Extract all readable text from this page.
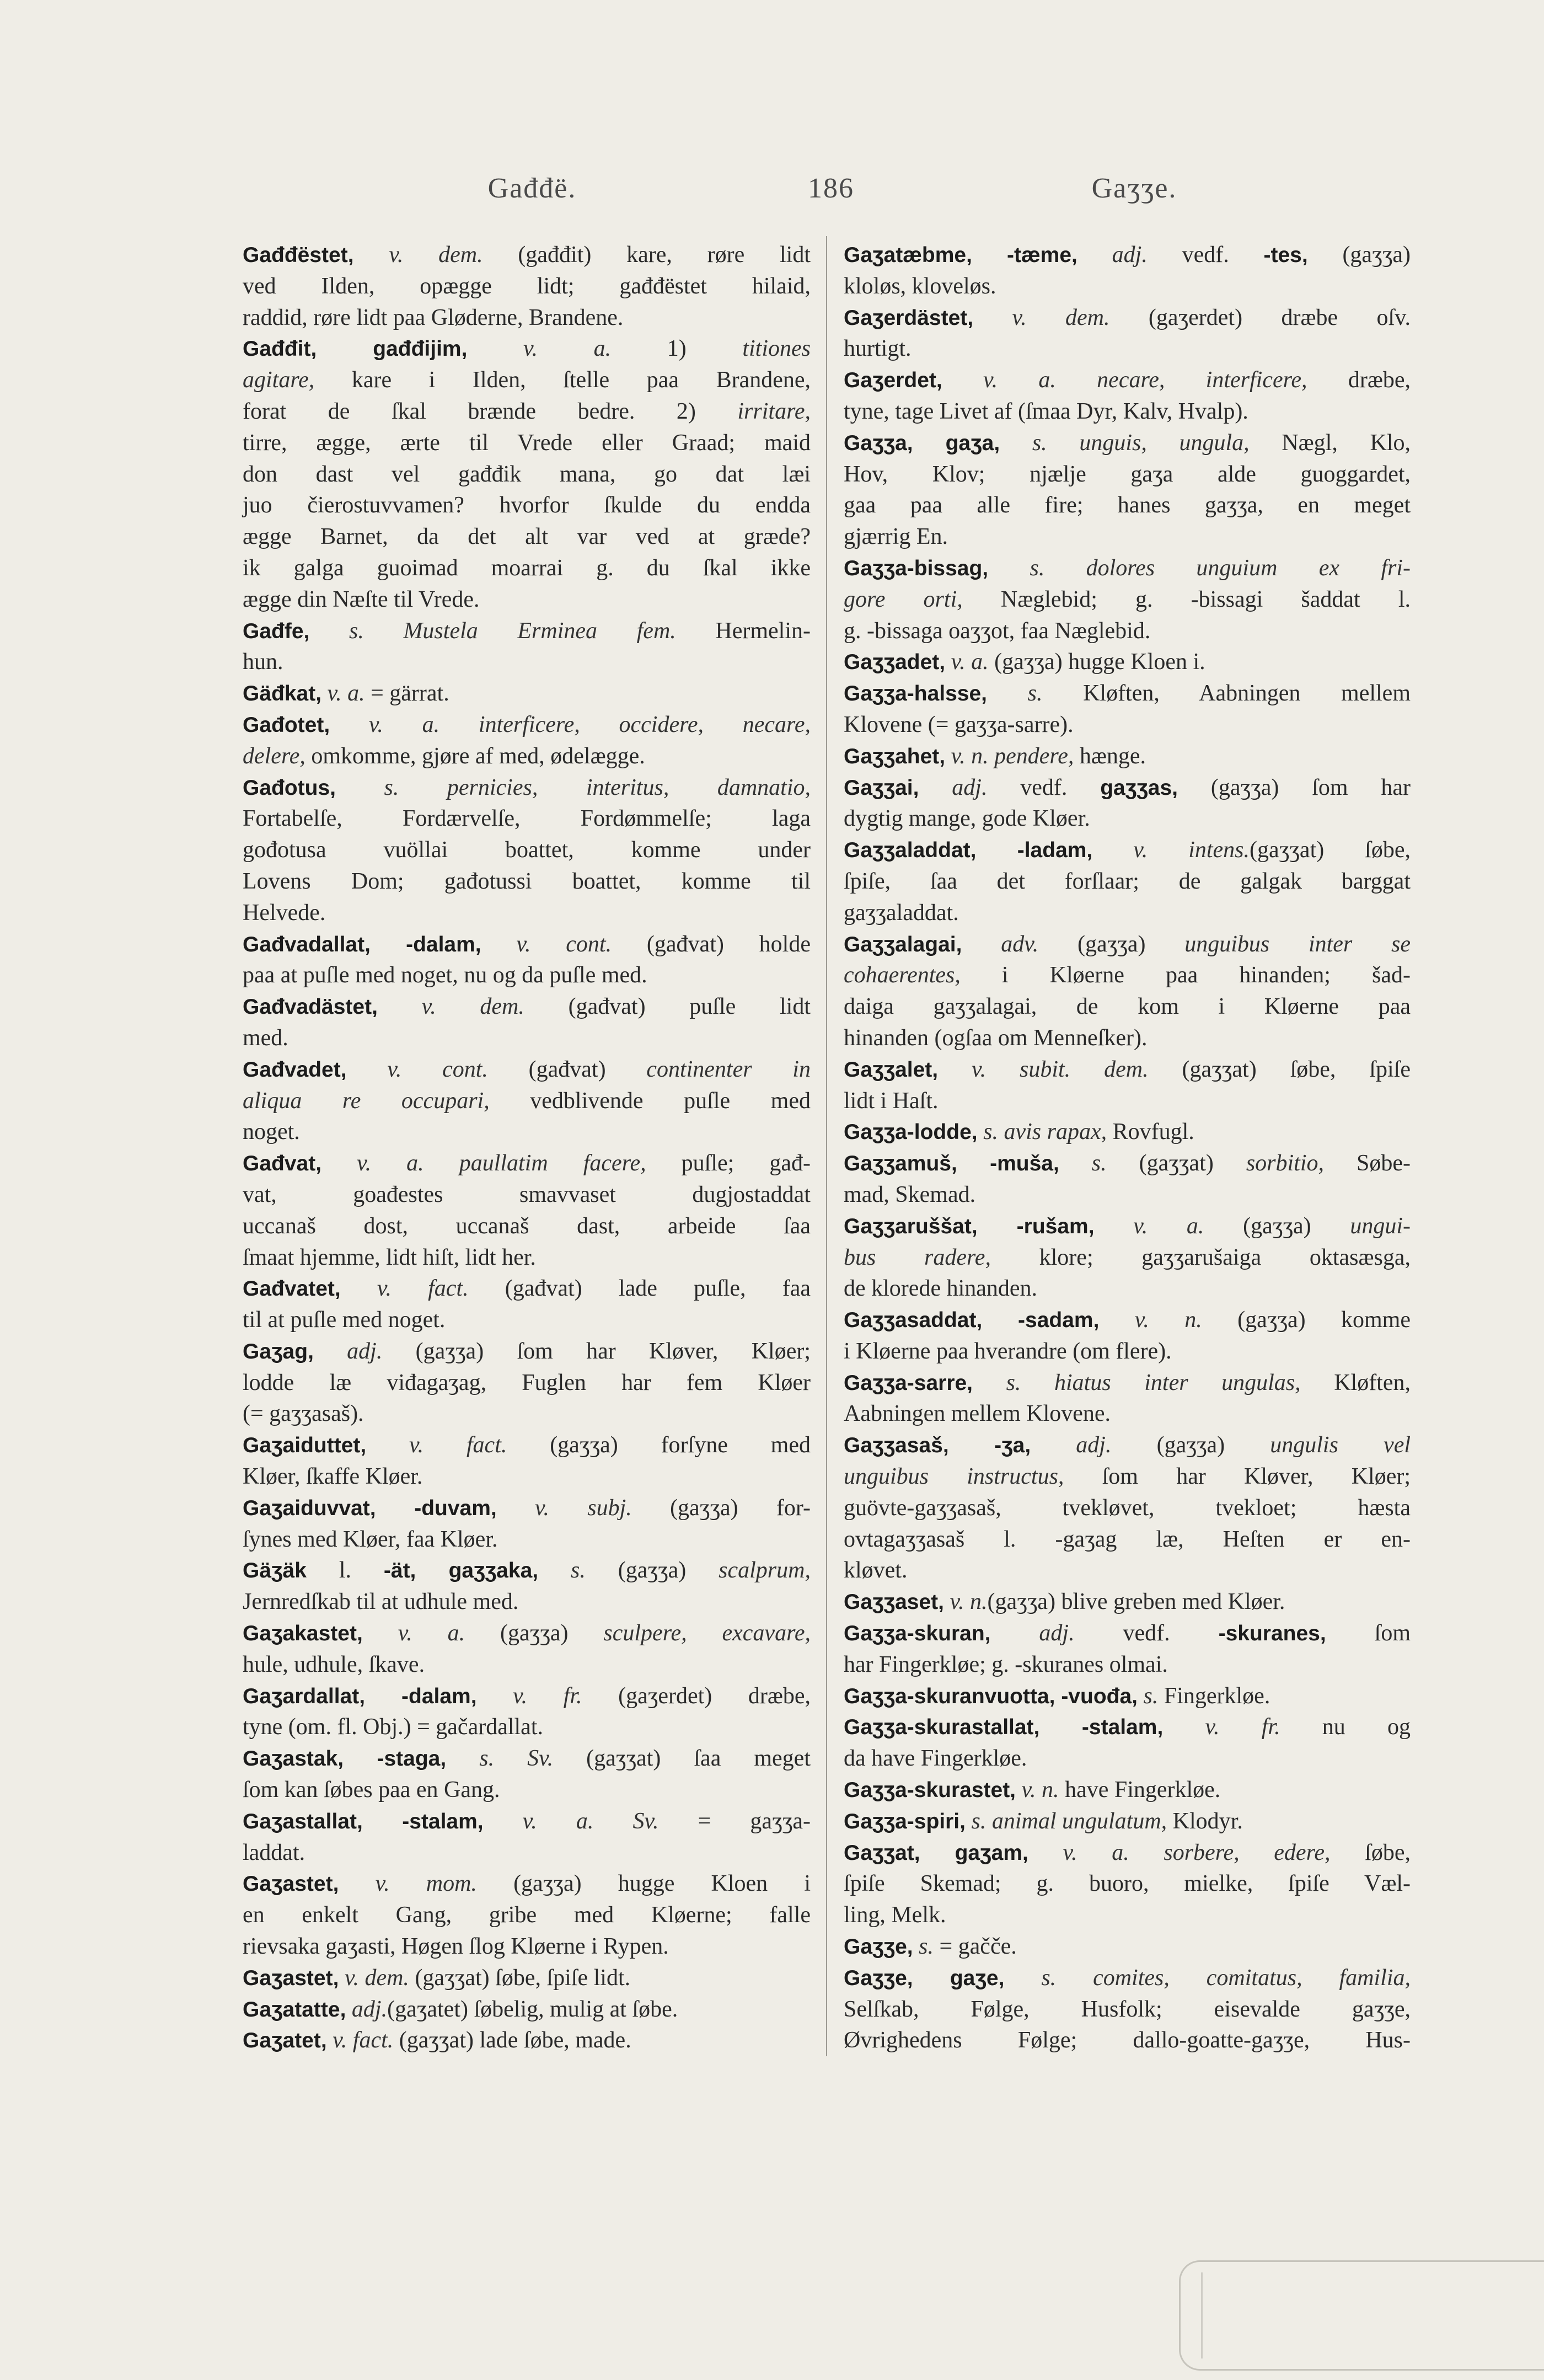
Gađđë.	186	Gaʒʒe.
Gađđëstet, v. dem. (gađđit) kare, røre lidt
ved Ilden, opægge lidt; gađđëstet hilaid,
raddid, røre lidt paa Gløderne, Brandene.
Gađđit, gađđijim, v. a. 1) titiones
agitare, kare i Ilden, ſtelle paa Brandene,
forat de ſkal brænde bedre. 2) irritare,
tirre, ægge, ærte til Vrede eller Graad; maid
don dast vel gađđik mana, go dat læi
juo čierostuvvamen? hvorfor ſkulde du endda
ægge Barnet, da det alt var ved at græde?
ik galga guoimad moarrai g. du ſkal ikke
ægge din Næſte til Vrede.
Gađfe, s. Mustela Erminea fem. Hermelin-
hun.
Gäđkat, v. a. = gärrat.
Gađotet, v. a. interficere, occidere, necare,
delere, omkomme, gjøre af med, ødelægge.
Gađotus, s. pernicies, interitus, damnatio,
Fortabelſe, Fordærvelſe, Fordømmelſe; laga
gođotusa vuöllai boattet, komme under
Lovens Dom; gađotussi boattet, komme til
Helvede.
Gađvadallat, -dalam, v. cont. (gađvat) holde
paa at puſle med noget, nu og da puſle med.
Gađvadästet, v. dem. (gađvat) puſle lidt
med.
Gađvadet, v. cont. (gađvat) continenter in
aliqua re occupari, vedblivende puſle med
noget.
Gađvat, v. a. paullatim facere, puſle; gađ-
vat, goađestes smavvaset dugjostaddat
uccanaš dost, uccanaš dast, arbeide ſaa
ſmaat hjemme, lidt hiſt, lidt her.
Gađvatet, v. fact. (gađvat) lade puſle, faa
til at puſle med noget.
Gaʒag, adj. (gaʒʒa) ſom har Kløver, Kløer;
lodde læ viđagaʒag, Fuglen har fem Kløer
(= gaʒʒasaš).
Gaʒaiduttet, v. fact. (gaʒʒa) forſyne med
Kløer, ſkaffe Kløer.
Gaʒaiduvvat, -duvam, v. subj. (gaʒʒa) for-
ſynes med Kløer, faa Kløer.
Gäʒäk l. -ät, gaʒʒaka, s. (gaʒʒa) scalprum,
Jernredſkab til at udhule med.
Gaʒakastet, v. a. (gaʒʒa) sculpere, excavare,
hule, udhule, ſkave.
Gaʒardallat, -dalam, v. fr. (gaʒerdet) dræbe,
tyne (om. fl. Obj.) = gačardallat.
Gaʒastak, -staga, s. Sv. (gaʒʒat) ſaa meget
ſom kan ſøbes paa en Gang.
Gaʒastallat, -stalam, v. a. Sv. = gaʒʒa-
laddat.
Gaʒastet, v. mom. (gaʒʒa) hugge Kloen i
en enkelt Gang, gribe med Kløerne; falle
rievsaka gaʒasti, Høgen ſlog Kløerne i Rypen.
Gaʒastet, v. dem. (gaʒʒat) ſøbe, ſpiſe lidt.
Gaʒatatte, adj.(gaʒatet) ſøbelig, mulig at ſøbe.
Gaʒatet, v. fact. (gaʒʒat) lade ſøbe, made.
Gaʒatæbme, -tæme, adj. vedf. -tes, (gaʒʒa)
kloløs, kloveløs.
Gaʒerdästet, v. dem. (gaʒerdet) dræbe oſv.
hurtigt.
Gaʒerdet, v. a. necare, interficere, dræbe,
tyne, tage Livet af (ſmaa Dyr, Kalv, Hvalp).
Gaʒʒa, gaʒa, s. unguis, ungula, Nægl, Klo,
Hov, Klov; njælje gaʒa alde guoggardet,
gaa paa alle fire; hanes gaʒʒa, en meget
gjærrig En.
Gaʒʒa-bissag, s. dolores unguium ex fri-
gore orti, Næglebid; g. -bissagi šaddat l.
g. -bissaga oaʒʒot, faa Næglebid.
Gaʒʒadet, v. a. (gaʒʒa) hugge Kloen i.
Gaʒʒa-halsse, s. Kløften, Aabningen mellem
Klovene (= gaʒʒa-sarre).
Gaʒʒahet, v. n. pendere, hænge.
Gaʒʒai, adj. vedf. gaʒʒas, (gaʒʒa) ſom har
dygtig mange, gode Kløer.
Gaʒʒaladdat, -ladam, v. intens.(gaʒʒat) ſøbe,
ſpiſe, ſaa det forſlaar; de galgak barggat
gaʒʒaladdat.
Gaʒʒalagai, adv. (gaʒʒa) unguibus inter se
cohaerentes, i Kløerne paa hinanden; šad-
daiga gaʒʒalagai, de kom i Kløerne paa
hinanden (ogſaa om Menneſker).
Gaʒʒalet, v. subit. dem. (gaʒʒat) ſøbe, ſpiſe
lidt i Haſt.
Gaʒʒa-lodde, s. avis rapax, Rovfugl.
Gaʒʒamuš, -muša, s. (gaʒʒat) sorbitio, Søbe-
mad, Skemad.
Gaʒʒaruššat, -rušam, v. a. (gaʒʒa) ungui-
bus radere, klore; gaʒʒarušaiga oktasæsga,
de klorede hinanden.
Gaʒʒasaddat, -sadam, v. n. (gaʒʒa) komme
i Kløerne paa hverandre (om flere).
Gaʒʒa-sarre, s. hiatus inter ungulas, Kløften,
Aabningen mellem Klovene.
Gaʒʒasaš, -ʒa, adj. (gaʒʒa) ungulis vel
unguibus instructus, ſom har Kløver, Kløer;
guövte-gaʒʒasaš, tvekløvet, tvekloet; hæsta
ovtagaʒʒasaš l. -gaʒag læ, Heſten er en-
kløvet.
Gaʒʒaset, v. n.(gaʒʒa) blive greben med Kløer.
Gaʒʒa-skuran, adj. vedf. -skuranes, ſom
har Fingerkløe; g. -skuranes olmai.
Gaʒʒa-skuranvuotta, -vuođa, s. Fingerkløe.
Gaʒʒa-skurastallat, -stalam, v. fr. nu og
da have Fingerkløe.
Gaʒʒa-skurastet, v. n. have Fingerkløe.
Gaʒʒa-spiri, s. animal ungulatum, Klodyr.
Gaʒʒat, gaʒam, v. a. sorbere, edere, ſøbe,
ſpiſe Skemad; g. buoro, mielke, ſpiſe Væl-
ling, Melk.
Gaʒʒe, s. = gačče.
Gaʒʒe, gaʒe, s. comites, comitatus, familia,
Selſkab, Følge, Husfolk; eisevalde gaʒʒe,
Øvrighedens Følge; dallo-goatte-gaʒʒe, Hus-
